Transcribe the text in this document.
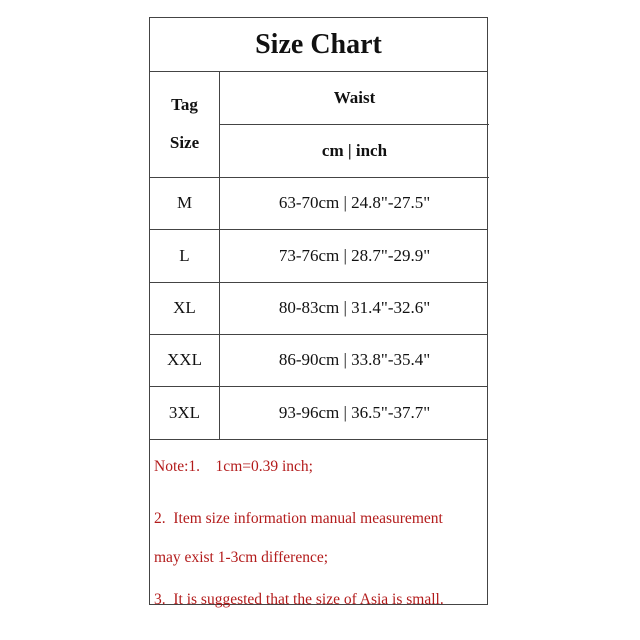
Size Chart
Tag
Size
Waist
cm | inch
M	63-70cm | 24.8"-27.5"
L	73-76cm | 28.7"-29.9"
XL	80-83cm | 31.4"-32.6"
XXL	86-90cm | 33.8"-35.4"
3XL	93-96cm | 36.5"-37.7"
Note:1.    1cm=0.39 inch;
2.  Item size information manual measurement
may exist 1-3cm difference;
3.  It is suggested that the size of Asia is small.
